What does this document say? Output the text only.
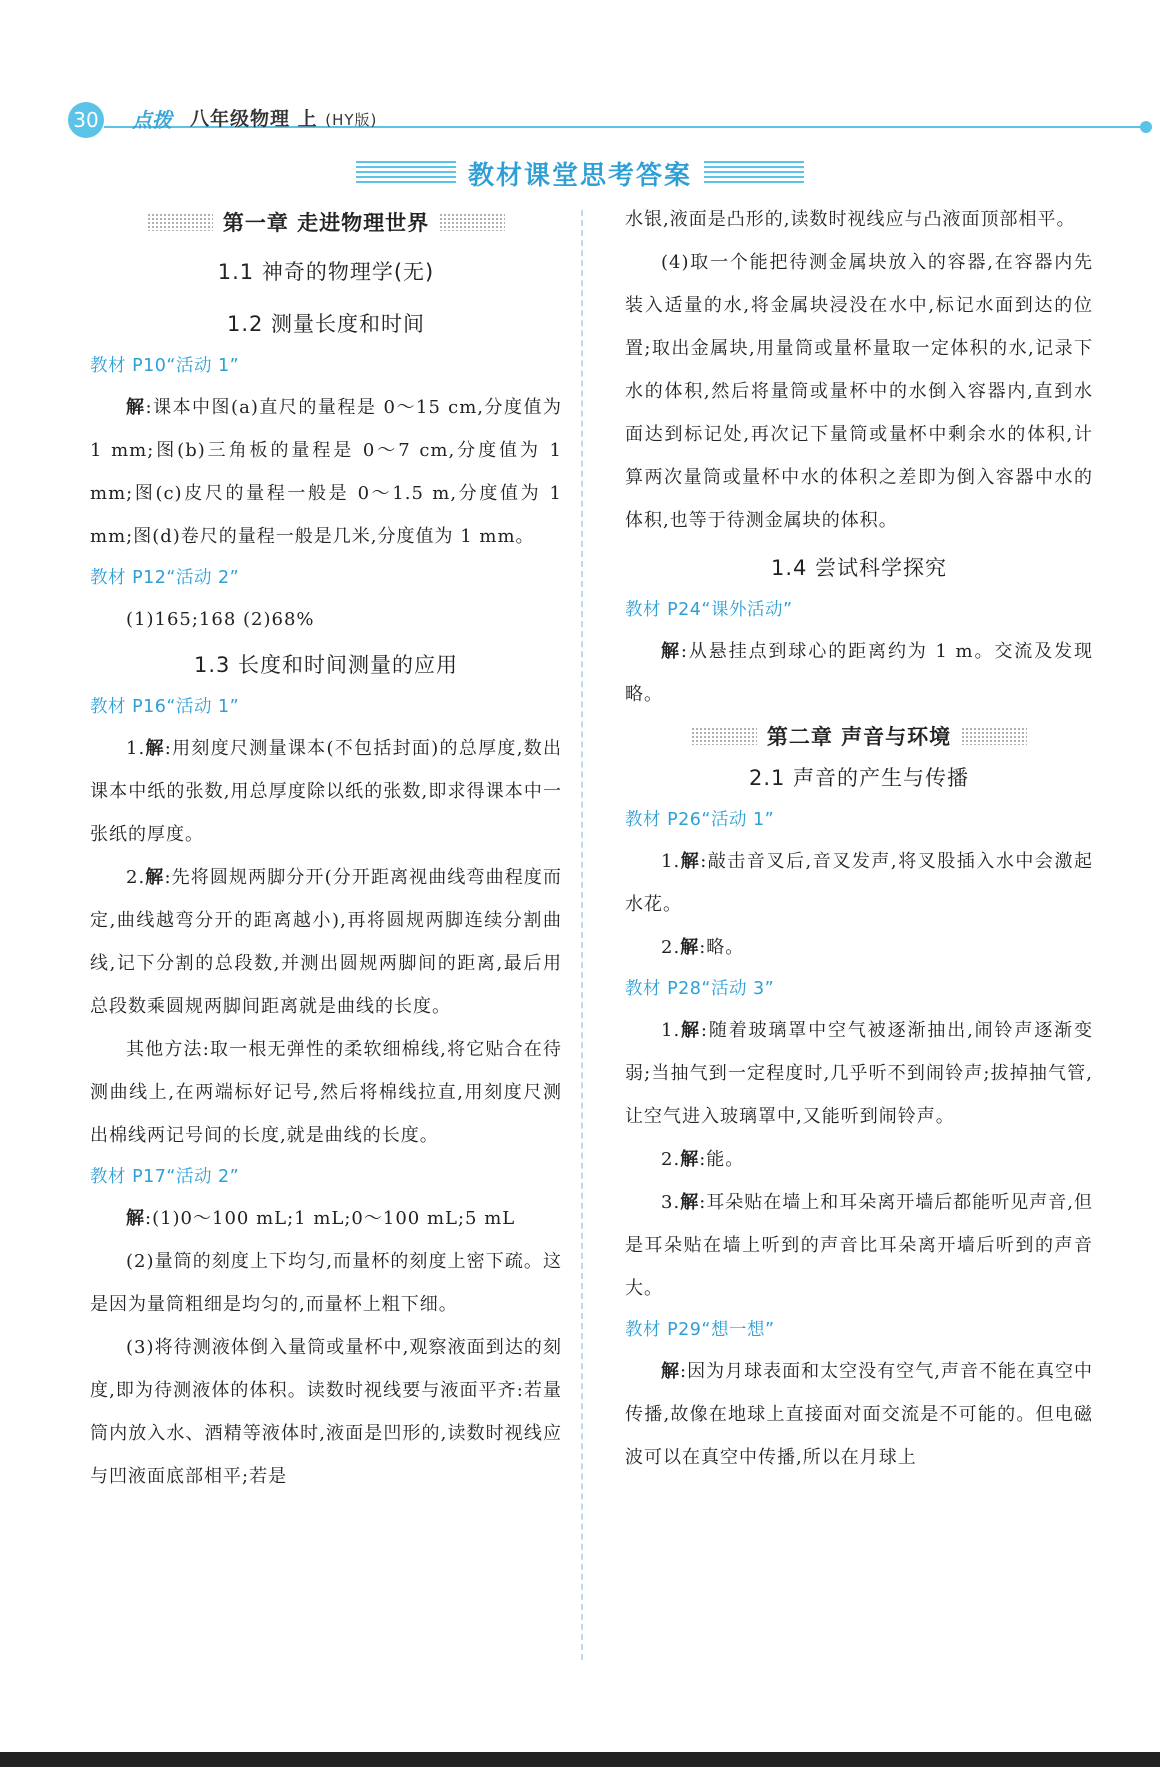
30 点拨 八年级物理 上 (HY版)
教材课堂思考答案
第一章 走进物理世界
1.1 神奇的物理学(无)
1.2 测量长度和时间
教材 P10“活动 1”

解:课本中图(a)直尺的量程是 0～15 cm,分度值为 1 mm;图(b)三角板的量程是 0～7 cm,分度值为 1 mm;图(c)皮尺的量程一般是 0～1.5 m,分度值为 1 mm;图(d)卷尺的量程一般是几米,分度值为 1 mm。

教材 P12“活动 2”

(1)165;168 (2)68%

1.3 长度和时间测量的应用
教材 P16“活动 1”

1.解:用刻度尺测量课本(不包括封面)的总厚度,数出课本中纸的张数,用总厚度除以纸的张数,即求得课本中一张纸的厚度。

2.解:先将圆规两脚分开(分开距离视曲线弯曲程度而定,曲线越弯分开的距离越小),再将圆规两脚连续分割曲线,记下分割的总段数,并测出圆规两脚间的距离,最后用总段数乘圆规两脚间距离就是曲线的长度。

其他方法:取一根无弹性的柔软细棉线,将它贴合在待测曲线上,在两端标好记号,然后将棉线拉直,用刻度尺测出棉线两记号间的长度,就是曲线的长度。

教材 P17“活动 2”

解:(1)0～100 mL;1 mL;0～100 mL;5 mL

(2)量筒的刻度上下均匀,而量杯的刻度上密下疏。这是因为量筒粗细是均匀的,而量杯上粗下细。

(3)将待测液体倒入量筒或量杯中,观察液面到达的刻度,即为待测液体的体积。读数时视线要与液面平齐:若量筒内放入水、酒精等液体时,液面是凹形的,读数时视线应与凹液面底部相平;若是

水银,液面是凸形的,读数时视线应与凸液面顶部相平。

(4)取一个能把待测金属块放入的容器,在容器内先装入适量的水,将金属块浸没在水中,标记水面到达的位置;取出金属块,用量筒或量杯量取一定体积的水,记录下水的体积,然后将量筒或量杯中的水倒入容器内,直到水面达到标记处,再次记下量筒或量杯中剩余水的体积,计算两次量筒或量杯中水的体积之差即为倒入容器中水的体积,也等于待测金属块的体积。

1.4 尝试科学探究
教材 P24“课外活动”

解:从悬挂点到球心的距离约为 1 m。交流及发现略。

第二章 声音与环境
2.1 声音的产生与传播
教材 P26“活动 1”

1.解:敲击音叉后,音叉发声,将叉股插入水中会激起水花。

2.解:略。

教材 P28“活动 3”

1.解:随着玻璃罩中空气被逐渐抽出,闹铃声逐渐变弱;当抽气到一定程度时,几乎听不到闹铃声;拔掉抽气管,让空气进入玻璃罩中,又能听到闹铃声。

2.解:能。

3.解:耳朵贴在墙上和耳朵离开墙后都能听见声音,但是耳朵贴在墙上听到的声音比耳朵离开墙后听到的声音大。

教材 P29“想一想”

解:因为月球表面和太空没有空气,声音不能在真空中传播,故像在地球上直接面对面交流是不可能的。但电磁波可以在真空中传播,所以在月球上
